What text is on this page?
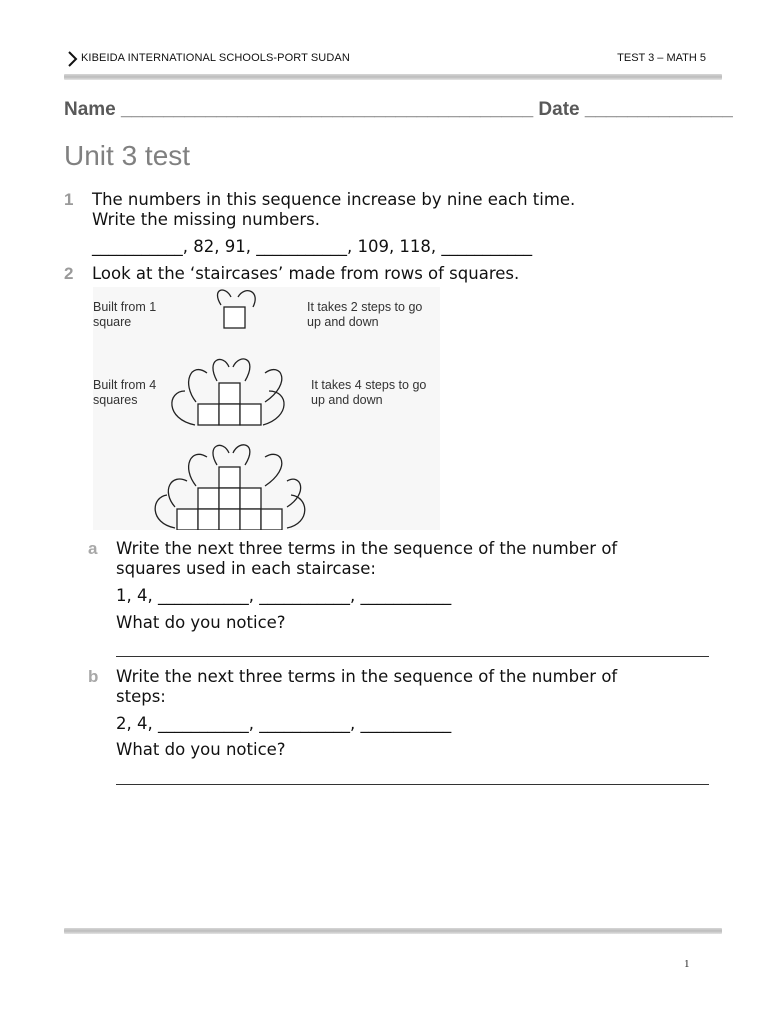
KIBEIDA INTERNATIONAL SCHOOLS-PORT SUDAN	TEST 3 – MATH 5
Name _______________________________________ Date ______________
Unit 3 test
1 The numbers in this sequence increase by nine each time.
Write the missing numbers.
___________, 82, 91, ___________, 109, 118, ___________
2 Look at the ‘staircases’ made from rows of squares.
Built from 1
square
It takes 2 steps to go
up and down
Built from 4
squares
It takes 4 steps to go
up and down
a Write the next three terms in the sequence of the number of
squares used in each staircase:
1, 4, ___________, ___________, ___________
What do you notice?
b Write the next three terms in the sequence of the number of
steps:
2, 4, ___________, ___________, ___________
What do you notice?
1
